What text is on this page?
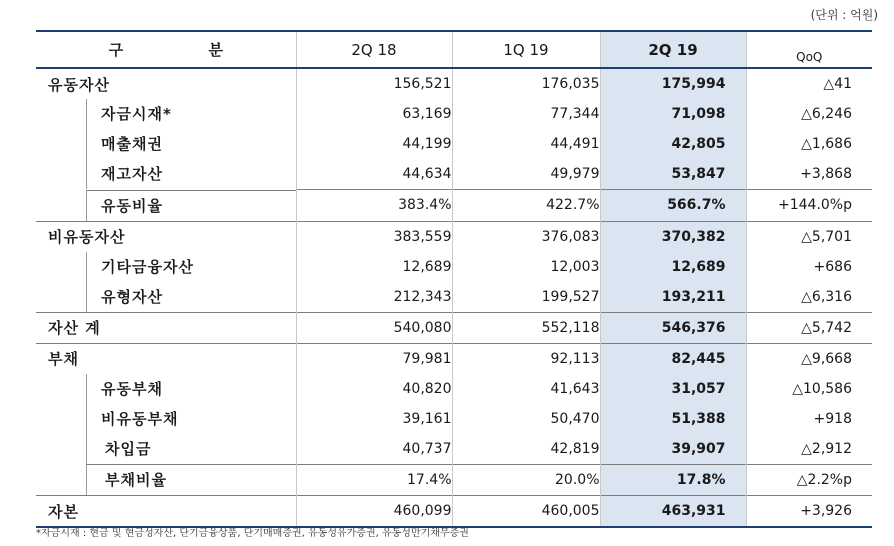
(단위 : 억원)
구 분	2Q 18	1Q 19	2Q 19	QoQ
유동자산	156,521	176,035	175,994	△41

자금시재*	63,169	77,344	71,098	△6,246

매출채권	44,199	44,491	42,805	△1,686

재고자산	44,634	49,979	53,847	+3,868

유동비율	383.4%	422.7%	566.7%	+144.0%p
비유동자산	383,559	376,083	370,382	△5,701

기타금융자산	12,689	12,003	12,689	+686

유형자산	212,343	199,527	193,211	△6,316
자산 계	540,080	552,118	546,376	△5,742
부채	79,981	92,113	82,445	△9,668

유동부채	40,820	41,643	31,057	△10,586

비유동부채	39,161	50,470	51,388	+918

차입금	40,737	42,819	39,907	△2,912

부채비율	17.4%	20.0%	17.8%	△2.2%p
자본	460,099	460,005	463,931	+3,926
*자금시재 : 현금 및 현금성자산, 단기금융상품, 단기매매증권, 유동성유가증권, 유동성만기채무증권
